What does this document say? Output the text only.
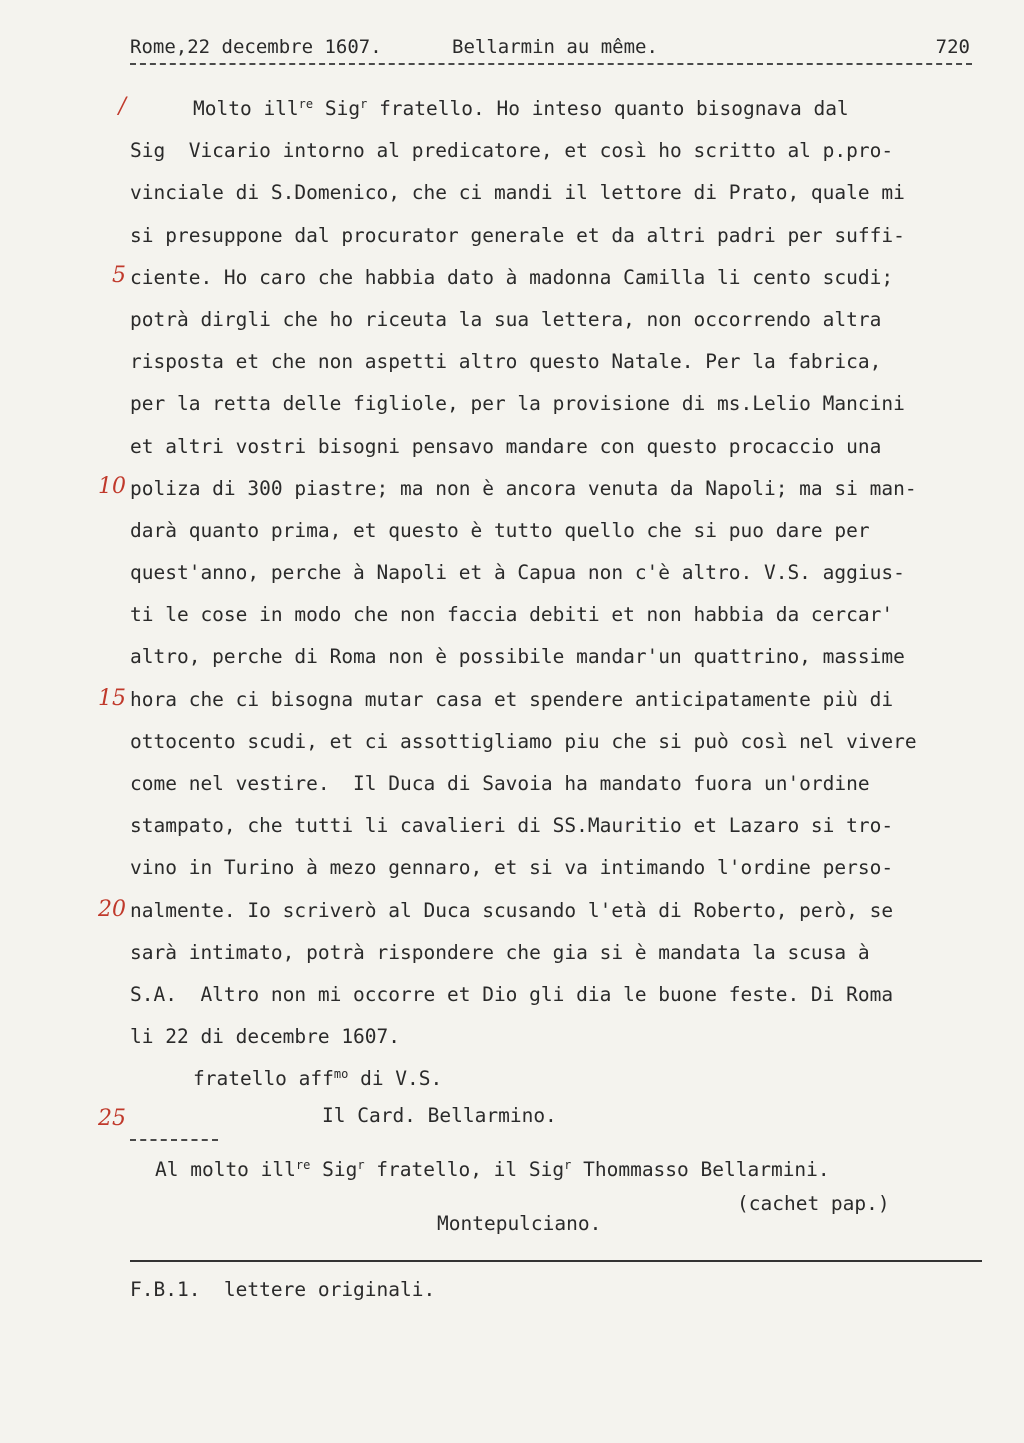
Rome,22 decembre 1607.

	Bellarmin au même.

	720

/
5
10
15
20
25
Molto ill$^{re}$ Sig$^r$ fratello. Ho inteso quanto bisognava dal
Sig  Vicario intorno al predicatore, et così ho scritto al p.pro-
vinciale di S.Domenico, che ci mandi il lettore di Prato, quale mi
si presuppone dal procurator generale et da altri padri per suffi-
ciente. Ho caro che habbia dato à madonna Camilla li cento scudi;
potrà dirgli che ho riceuta la sua lettera, non occorrendo altra
risposta et che non aspetti altro questo Natale. Per la fabrica,
per la retta delle figliole, per la provisione di ms.Lelio Mancini
et altri vostri bisogni pensavo mandare con questo procaccio una
poliza di 300 piastre; ma non è ancora venuta da Napoli; ma si man-
darà quanto prima, et questo è tutto quello che si puo dare per
quest'anno, perche à Napoli et à Capua non c'è altro. V.S. aggius-
ti le cose in modo che non faccia debiti et non habbia da cercar'
altro, perche di Roma non è possibile mandar'un quattrino, massime
hora che ci bisogna mutar casa et spendere anticipatamente più di
ottocento scudi, et ci assottigliamo piu che si può così nel vivere
come nel vestire.  Il Duca di Savoia ha mandato fuora un'ordine
stampato, che tutti li cavalieri di SS.Mauritio et Lazaro si tro-
vino in Turino à mezo gennaro, et si va intimando l'ordine perso-
nalmente. Io scriverò al Duca scusando l'età di Roberto, però, se
sarà intimato, potrà rispondere che gia si è mandata la scusa à
S.A.  Altro non mi occorre et Dio gli dia le buone feste. Di Roma
li 22 di decembre 1607.
fratello aff$^{mo}$ di V.S.
Il Card. Bellarmino.
Al molto ill$^{re}$ Sig$^r$ fratello, il Sig$^r$ Thommasso Bellarmini.
(cachet pap.)
Montepulciano.
F.B.1.  lettere originali.
